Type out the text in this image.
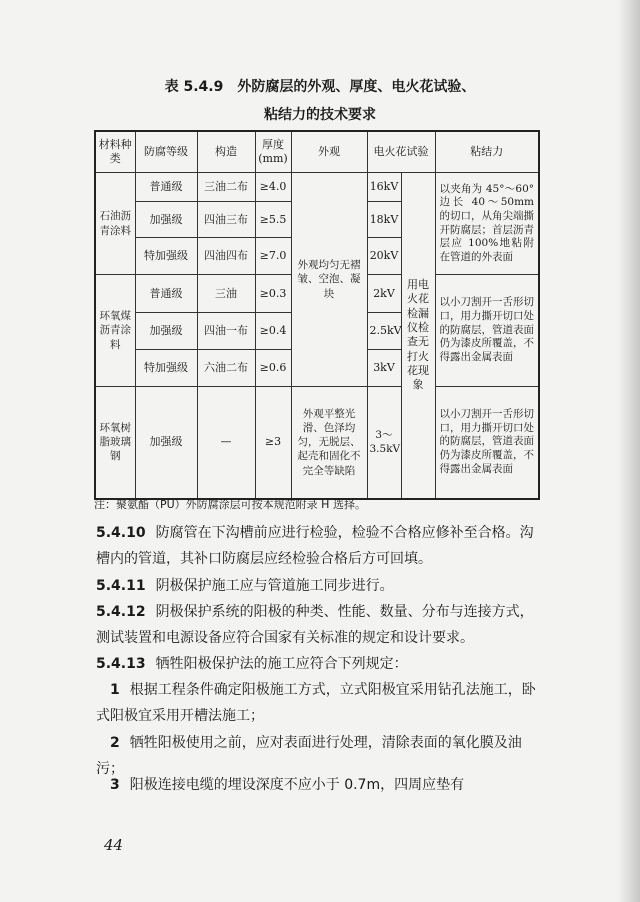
表 5.4.9　外防腐层的外观、厚度、电火花试验、
粘结力的技术要求
材料种类	防腐等级	构造	厚度(mm)	外观	电火花试验		粘结力
石油沥青涂料	普通级	三油二布	≥4.0	外观均匀无褶皱、空泡、凝块	16kV	用电火花检漏仪检查无打火花现象	以夹角为 45°～60° 边长 40～50mm 的切口，从角尖端撕开防腐层；首层沥青层应 100%地粘附在管道的外表面
	加强级	四油三布	≥5.5		18kV		
	特加强级	四油四布	≥7.0		20kV		
环氧煤沥青涂料	普通级	三油	≥0.3		2kV		以小刀割开一舌形切口，用力撕开切口处的防腐层，管道表面仍为漆皮所覆盖，不得露出金属表面
	加强级	四油一布	≥0.4		2.5kV		
	特加强级	六油二布	≥0.6		3kV		
环氧树脂玻璃钢	加强级	—	≥3	外观平整光滑、色泽均匀，无脱层、起壳和固化不完全等缺陷	3～3.5kV		以小刀割开一舌形切口，用力撕开切口处的防腐层，管道表面仍为漆皮所覆盖，不得露出金属表面
注：聚氨酯（PU）外防腐涂层可按本规范附录 H 选择。
5.4.10 防腐管在下沟槽前应进行检验，检验不合格应修补至合格。沟槽内的管道，其补口防腐层应经检验合格后方可回填。
5.4.11 阴极保护施工应与管道施工同步进行。
5.4.12 阴极保护系统的阳极的种类、性能、数量、分布与连接方式，测试装置和电源设备应符合国家有关标准的规定和设计要求。
5.4.13 牺牲阳极保护法的施工应符合下列规定：
1 根据工程条件确定阳极施工方式，立式阳极宜采用钻孔法施工，卧式阳极宜采用开槽法施工；
2 牺牲阳极使用之前，应对表面进行处理，清除表面的氧化膜及油污；
3 阳极连接电缆的埋设深度不应小于 0.7m，四周应垫有
44
